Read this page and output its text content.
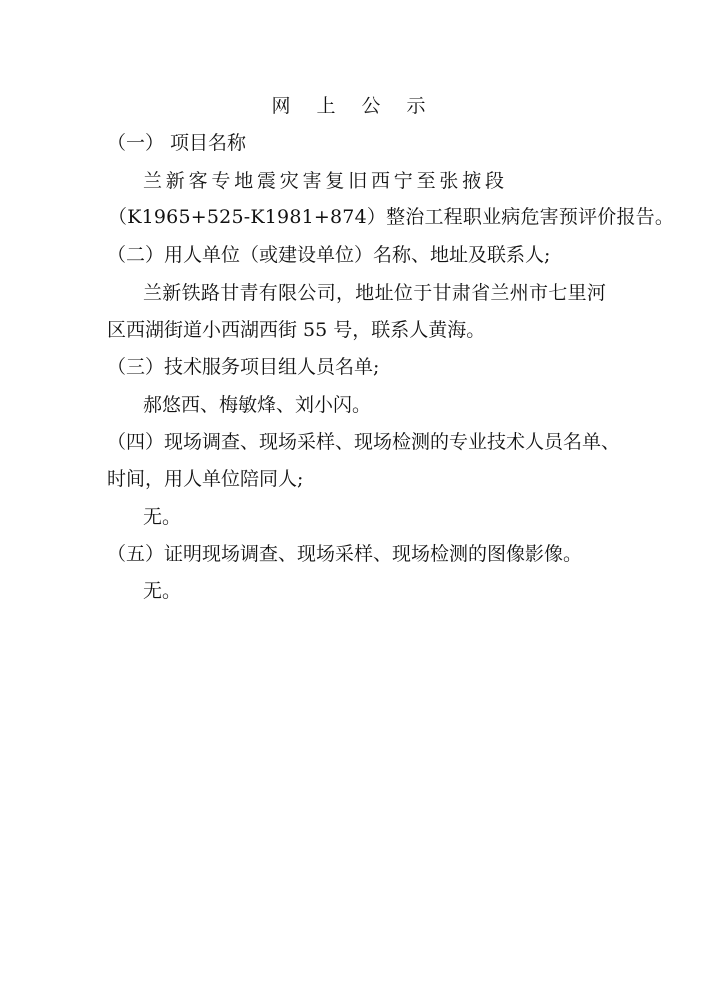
网 上 公 示
（一） 项目名称
兰新客专地震灾害复旧西宁至张掖段
（K1965+525-K1981+874）整治工程职业病危害预评价报告。
（二）用人单位（或建设单位）名称、地址及联系人;
兰新铁路甘青有限公司，地址位于甘肃省兰州市七里河
区西湖街道小西湖西街 55 号，联系人黄海。
（三）技术服务项目组人员名单;
郝悠西、梅敏烽、刘小闪。
（四）现场调查、现场采样、现场检测的专业技术人员名单、
时间，用人单位陪同人;
无。
（五）证明现场调查、现场采样、现场检测的图像影像。
无。
